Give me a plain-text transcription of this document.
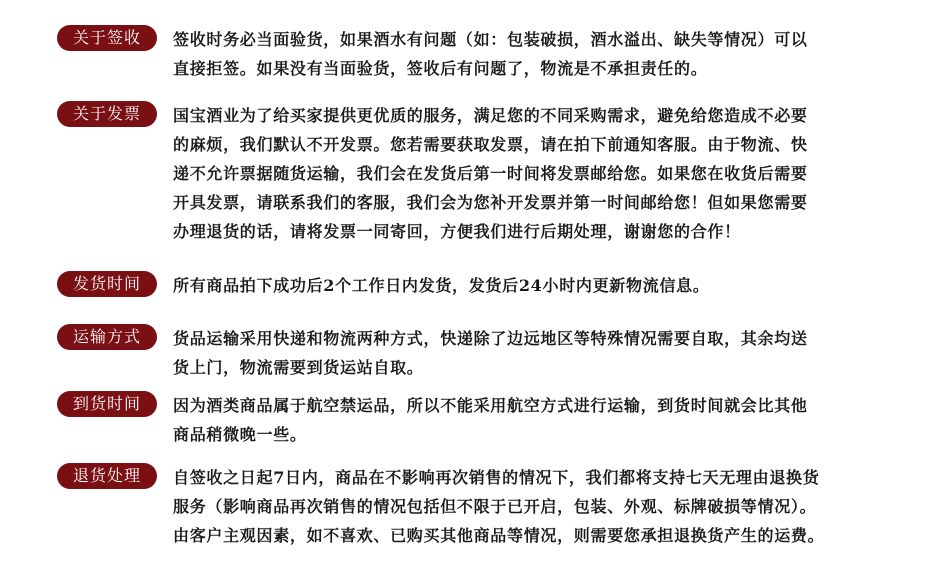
关于签收	签收时务必当面验货，如果酒水有问题（如：包装破损，酒水溢出、缺失等情况）可以
直接拒签。如果没有当面验货，签收后有问题了，物流是不承担责任的。
关于发票	国宝酒业为了给买家提供更优质的服务，满足您的不同采购需求，避免给您造成不必要
的麻烦，我们默认不开发票。您若需要获取发票，请在拍下前通知客服。由于物流、快
递不允许票据随货运输，我们会在发货后第一时间将发票邮给您。如果您在收货后需要
开具发票，请联系我们的客服，我们会为您补开发票并第一时间邮给您！但如果您需要
办理退货的话，请将发票一同寄回，方便我们进行后期处理，谢谢您的合作！
发货时间	所有商品拍下成功后2个工作日内发货，发货后24小时内更新物流信息。
运输方式	货品运输采用快递和物流两种方式，快递除了边远地区等特殊情况需要自取，其余均送
货上门，物流需要到货运站自取。
到货时间	因为酒类商品属于航空禁运品，所以不能采用航空方式进行运输，到货时间就会比其他
商品稍微晚一些。
退货处理	自签收之日起7日内，商品在不影响再次销售的情况下，我们都将支持七天无理由退换货
服务（影响商品再次销售的情况包括但不限于已开启，包装、外观、标牌破损等情况）。
由客户主观因素，如不喜欢、已购买其他商品等情况，则需要您承担退换货产生的运费。
